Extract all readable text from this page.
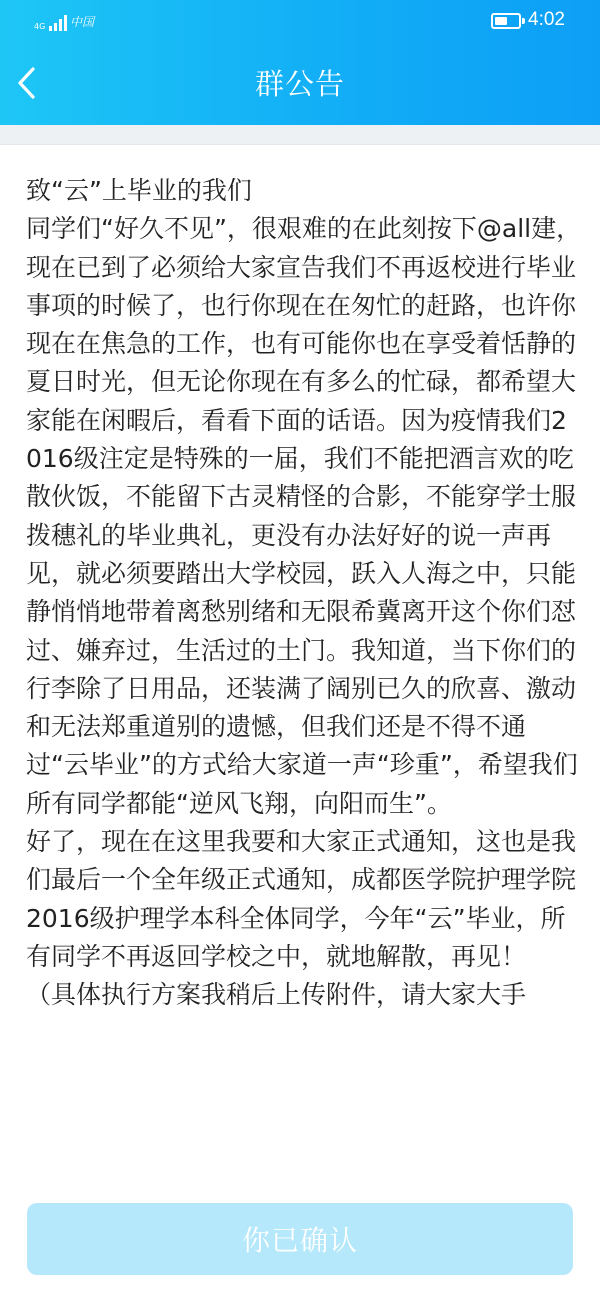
4G 中国	4:02
群公告

致“云”上毕业的我们

同学们“好久不见”，很艰难的在此刻按下@all建，现在已到了必须给大家宣告我们不再返校进行毕业事项的时候了，也行你现在在匆忙的赶路，也许你现在在焦急的工作，也有可能你也在享受着恬静的夏日时光，但无论你现在有多么的忙碌，都希望大家能在闲暇后，看看下面的话语。因为疫情我们2016级注定是特殊的一届，我们不能把酒言欢的吃散伙饭，不能留下古灵精怪的合影，不能穿学士服拨穗礼的毕业典礼，更没有办法好好的说一声再见，就必须要踏出大学校园，跃入人海之中，只能静悄悄地带着离愁别绪和无限希冀离开这个你们怼过、嫌弃过，生活过的土门。我知道，当下你们的行李除了日用品，还装满了阔别已久的欣喜、激动和无法郑重道别的遗憾，但我们还是不得不通过“云毕业”的方式给大家道一声“珍重”，希望我们所有同学都能“逆风飞翔，向阳而生”。

好了，现在在这里我要和大家正式通知，这也是我们最后一个全年级正式通知，成都医学院护理学院2016级护理学本科全体同学，今年“云”毕业，所有同学不再返回学校之中，就地解散，再见！

（具体执行方案我稍后上传附件，请大家大手

你已确认
